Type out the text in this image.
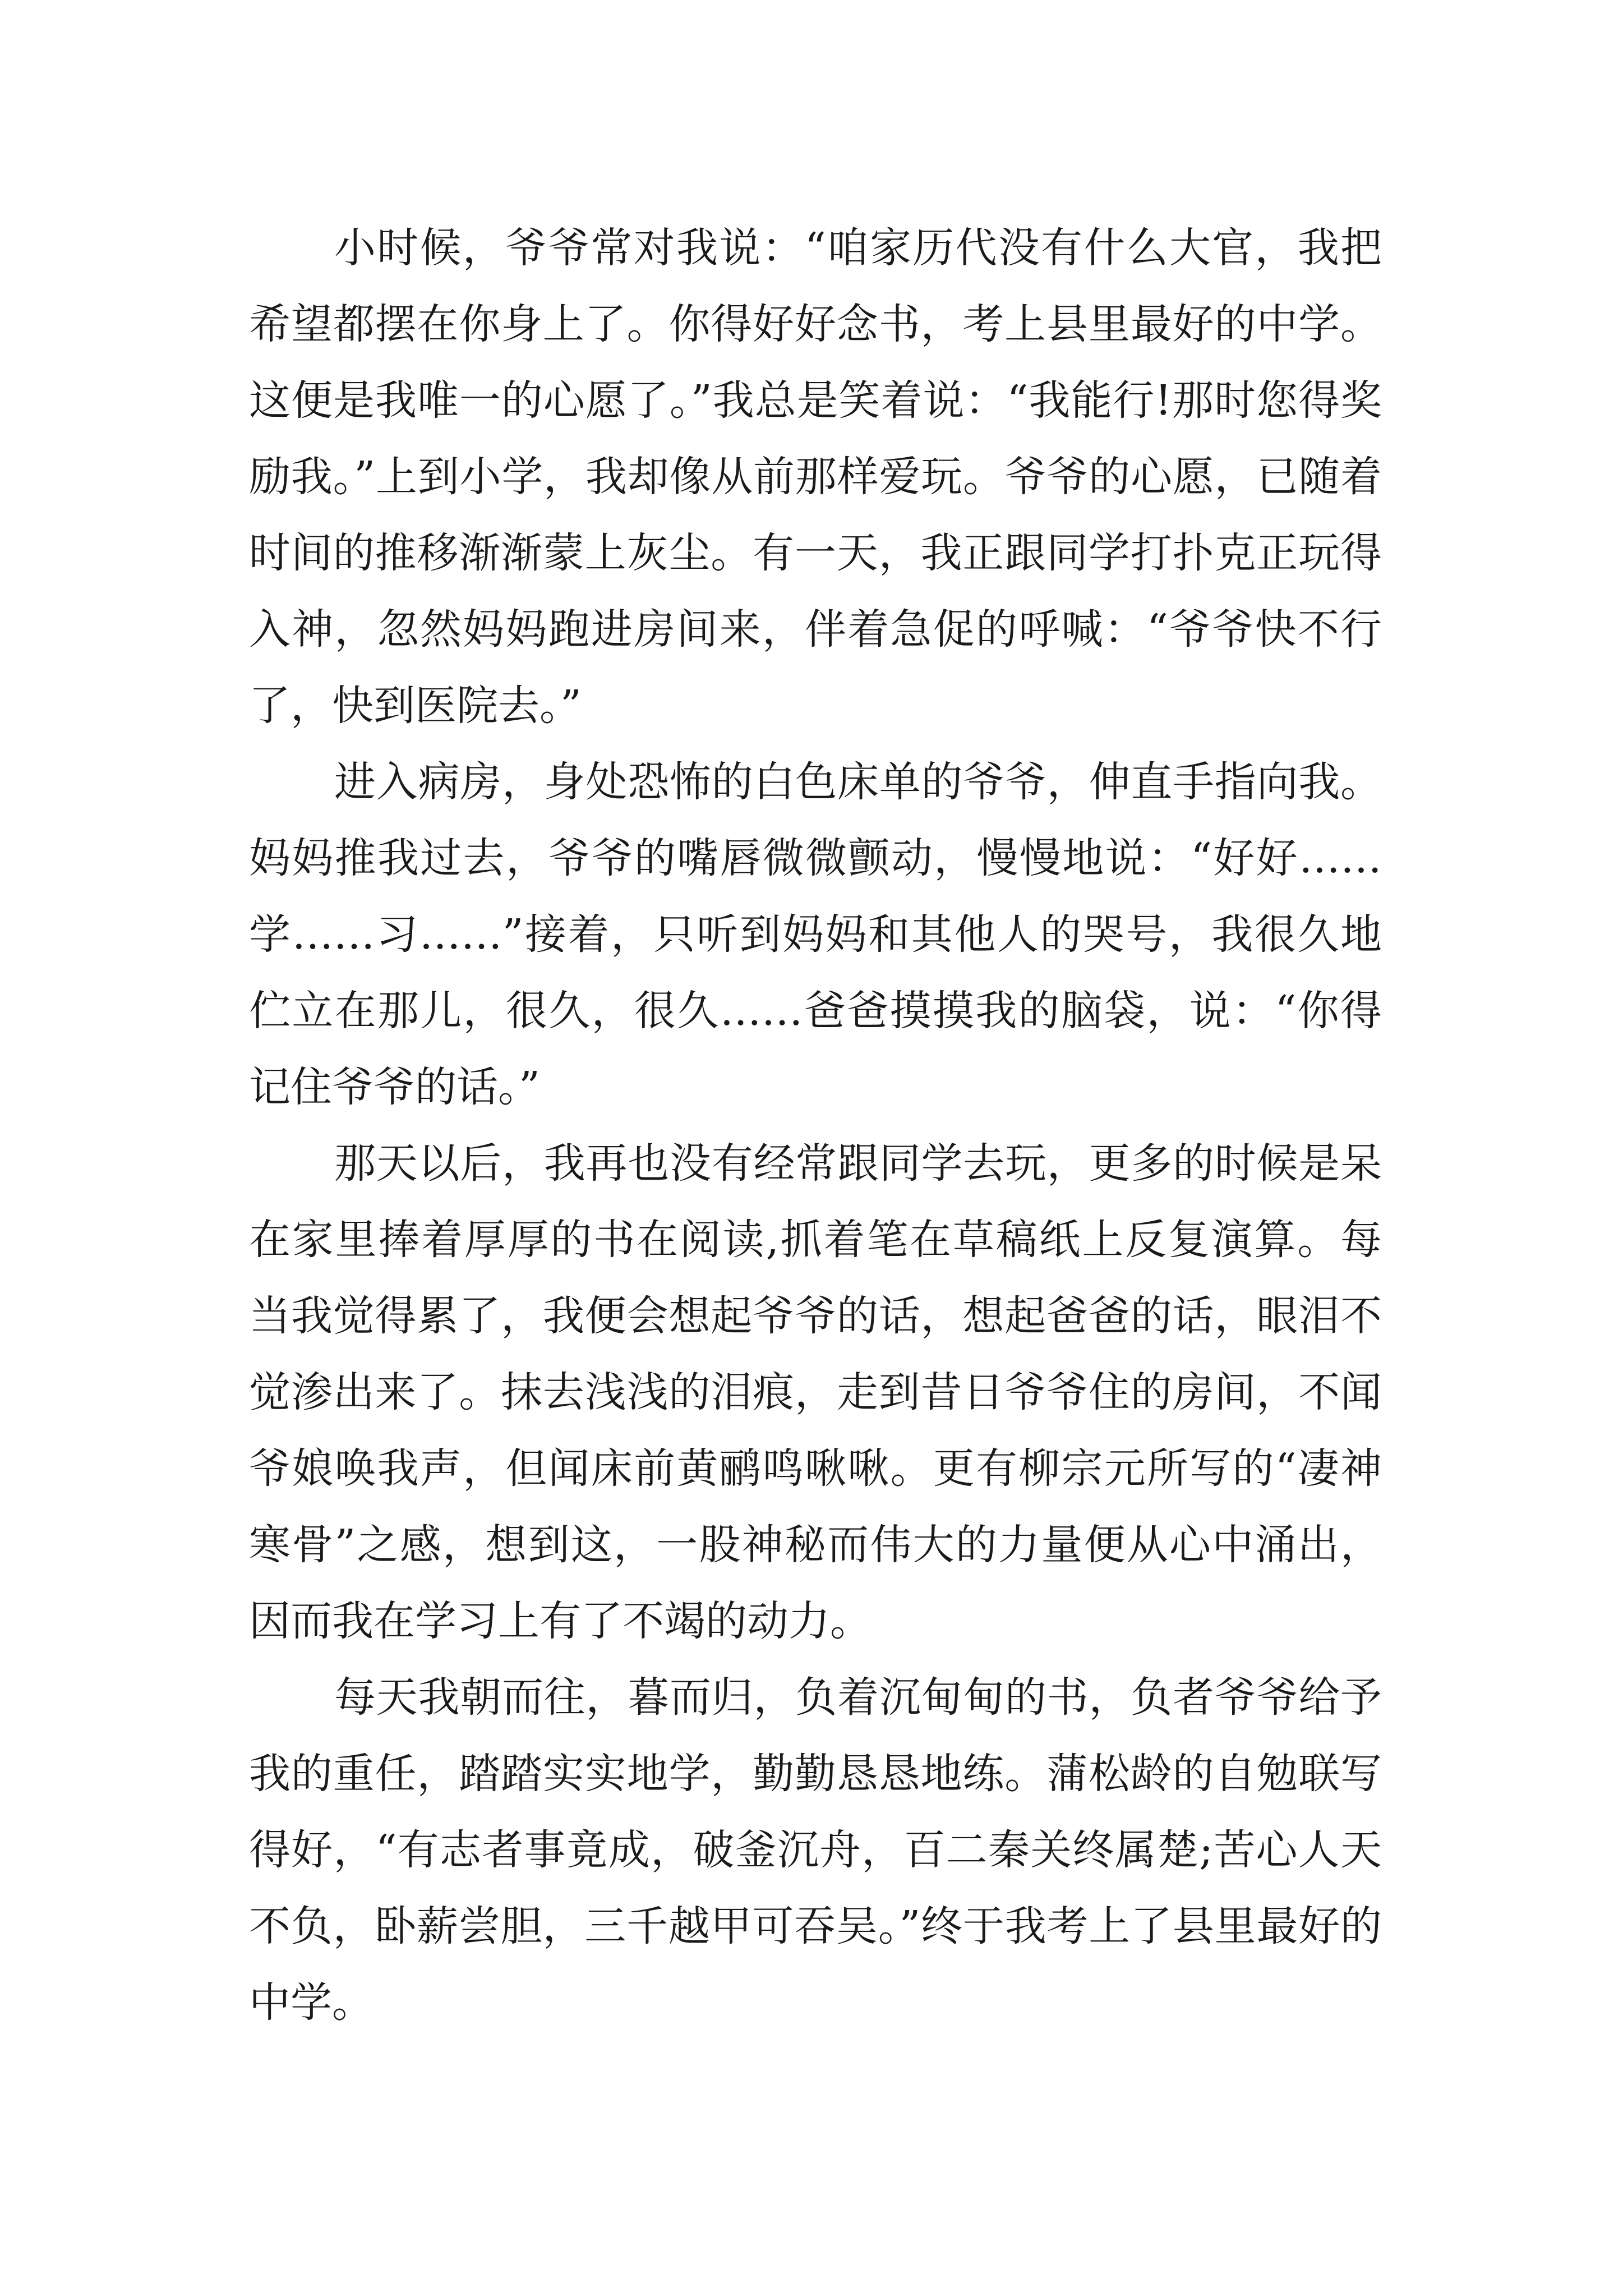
小时候，爷爷常对我说：“咱家历代没有什么大官，我把希望都摆在你身上了。你得好好念书，考上县里最好的中学。这便是我唯一的心愿了。”我总是笑着说：“我能行!那时您得奖励我。”上到小学，我却像从前那样爱玩。爷爷的心愿，已随着时间的推移渐渐蒙上灰尘。有一天，我正跟同学打扑克正玩得入神，忽然妈妈跑进房间来，伴着急促的呼喊：“爷爷快不行了，快到医院去。”

进入病房，身处恐怖的白色床单的爷爷，伸直手指向我。妈妈推我过去，爷爷的嘴唇微微颤动，慢慢地说：“好好……学……习……”接着，只听到妈妈和其他人的哭号，我很久地伫立在那儿，很久，很久……爸爸摸摸我的脑袋，说：“你得记住爷爷的话。”

那天以后，我再也没有经常跟同学去玩，更多的时候是呆在家里捧着厚厚的书在阅读,抓着笔在草稿纸上反复演算。每当我觉得累了，我便会想起爷爷的话，想起爸爸的话，眼泪不觉渗出来了。抹去浅浅的泪痕，走到昔日爷爷住的房间，不闻爷娘唤我声，但闻床前黄鹂鸣啾啾。更有柳宗元所写的“凄神寒骨”之感，想到这，一股神秘而伟大的力量便从心中涌出，因而我在学习上有了不竭的动力。

每天我朝而往，暮而归，负着沉甸甸的书，负者爷爷给予我的重任，踏踏实实地学，勤勤恳恳地练。蒲松龄的自勉联写得好，“有志者事竟成，破釜沉舟，百二秦关终属楚;苦心人天不负，卧薪尝胆，三千越甲可吞吴。”终于我考上了县里最好的中学。
